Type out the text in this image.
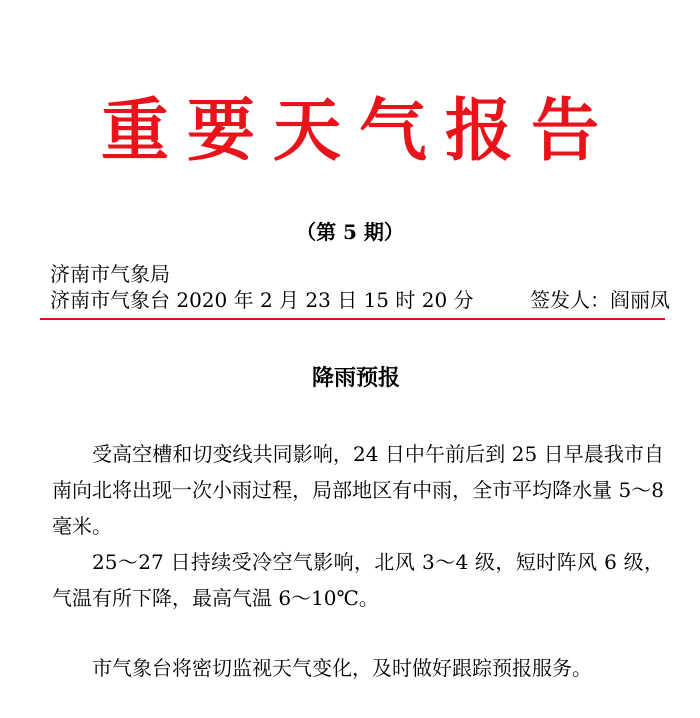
重要天气报告
（第 5 期）
济南市气象局
济南市气象台 2020 年 2 月 23 日 15 时 20 分	签发人：阎丽凤
降雨预报
受高空槽和切变线共同影响，24 日中午前后到 25 日早晨我市自南向北将出现一次小雨过程，局部地区有中雨，全市平均降水量 5～8 毫米。
25～27 日持续受冷空气影响，北风 3～4 级，短时阵风 6 级，气温有所下降，最高气温 6～10℃。
市气象台将密切监视天气变化，及时做好跟踪预报服务。
